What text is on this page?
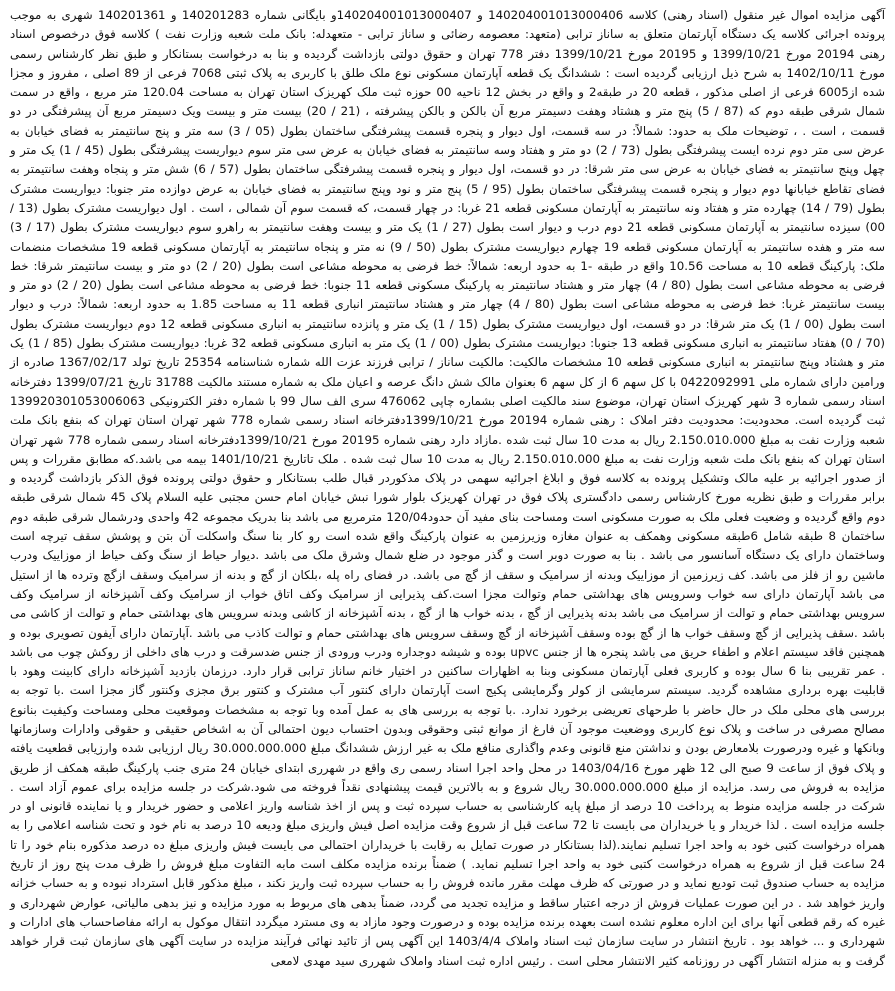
آگهی مزایده اموال غیر منقول (اسناد رهنی) کلاسه 140204001013000406 و 140204001013000407و بایگانی شماره 140201283 و 140201361 شهری به موجب پرونده اجرائی کلاسه یک دستگاه آپارتمان متعلق به ساناز ترابی (متعهد: معصومه رضائی و ساناز ترابی - متعهدله: بانک ملت شعبه وزارت نفت ) کلاسه فوق درخصوص اسناد رهنی 20194 مورخ 1399/10/21 و 20195 مورخ 1399/10/21 دفتر 778 تهران و حقوق دولتی بازداشت گردیده و بنا به درخواست بستانکار و طبق نظر کارشناس رسمی مورخ 1402/10/11 به شرح ذیل ارزیابی گردیده است : ششدانگ یک قطعه آپارتمان مسکونی نوع ملک طلق با کاربری به پلاک ثبتی 7068 فرعی از 89 اصلی ، مفروز و مجزا شده از6005 فرعی از اصلی مذکور ، قطعه 20 در طبقه2 و واقع در بخش 12 ناحیه 00 حوزه ثبت ملک کهریزک استان تهران به مساحت 120.04 متر مربع ، واقع در سمت شمال شرقی طبقه دوم که (87 / 5) پنج متر و هشتاد وهفت دسیمتر مربع آن بالکن و بالکن پیشرفته ، (21 / 20) بیست متر و بیست ویک دسیمتر مربع آن پیشرفتگی در دو قسمت ، است . ، توضیحات ملک به حدود: شمالاً: در سه قسمت، اول دیوار و پنجره قسمت پیشرفتگی ساختمان بطول (05 / 3) سه متر و پنج سانتیمتر به فضای خیابان به عرض سی متر دوم نرده ایست پیشرفتگی بطول (73 / 2) دو متر و هفتاد وسه سانتیمتر به فضای خیابان به عرض سی متر سوم دیواریست پیشرفتگی بطول (45 / 1) یک متر و چهل وپنج سانتیمتر به فضای خیابان به عرض سی متر شرقا: در دو قسمت، اول دیوار و پنجره قسمت پیشرفتگی ساختمان بطول (57 / 6) شش متر و پنجاه وهفت سانتیمتر به فضای تقاطع خیابانها دوم دیوار و پنجره قسمت پیشرفتگی ساختمان بطول (95 / 5) پنج متر و نود وپنج سانتیمتر به فضای خیابان به عرض دوازده متر جنوبا: دیواریست مشترک بطول (79 / 14) چهارده متر و هفتاد ونه سانتیمتر به آپارتمان مسکونی قطعه 21 غربا: در چهار قسمت، که قسمت سوم آن شمالی ، است . اول دیواریست مشترک بطول (13 / 00) سیزده سانتیمتر به آپارتمان مسکونی قطعه 21 دوم درب و دیوار است بطول (27 / 1) یک متر و بیست وهفت سانتیمتر به راهرو سوم دیواریست مشترک بطول (17 / 3) سه متر و هفده سانتیمتر به آپارتمان مسکونی قطعه 19 چهارم دیواریست مشترک بطول (50 / 9) نه متر و پنجاه سانتیمتر به آپارتمان مسکونی قطعه 19 مشخصات منضمات ملک: پارکینگ قطعه 10 به مساحت 10.56 واقع در طبقه -1 به حدود اربعه: شمالاً: خط فرضی به محوطه مشاعی است بطول (20 / 2) دو متر و بیست سانتیمتر شرقا: خط فرضی به محوطه مشاعی است بطول (80 / 4) چهار متر و هشتاد سانتیمتر به پارکینگ مسکونی قطعه 11 جنوبا: خط فرضی به محوطه مشاعی است بطول (20 / 2) دو متر و بیست سانتیمتر غربا: خط فرضی به محوطه مشاعی است بطول (80 / 4) چهار متر و هشتاد سانتیمتر انباری قطعه 11 به مساحت 1.85 به حدود اربعه: شمالاً: درب و دیوار است بطول (00 / 1) یک متر شرقا: در دو قسمت، اول دیواریست مشترک بطول (15 / 1) یک متر و پانزده سانتیمتر به انباری مسکونی قطعه 12 دوم دیواریست مشترک بطول (70 / 0) هفتاد سانتیمتر به انباری مسکونی قطعه 13 جنوبا: دیواریست مشترک بطول (00 / 1) یک متر به انباری مسکونی قطعه 32 غربا: دیواریست مشترک بطول (85 / 1) یک متر و هشتاد وپنج سانتیمتر به انباری مسکونی قطعه 10 مشخصات مالکیت: مالکیت ساناز / ترابی فرزند عزت الله شماره شناسنامه 25354 تاریخ تولد 1367/02/17 صادره از ورامین دارای شماره ملی 0422092991 با کل سهم 6 از کل سهم 6 بعنوان مالک شش دانگ عرصه و اعیان ملک به شماره مستند مالکیت 31788 تاریخ 1399/07/21 دفترخانه اسناد رسمی شماره 3 شهر کهریزک استان تهران، موضوع سند مالکیت اصلی بشماره چاپی 476062 سری الف سال 99 با شماره دفتر الکترونیکی 139920301053006063 ثبت گردیده است. محدودیت: محدودیت دفتر املاک : رهنی شماره 20194 مورخ 1399/10/21دفترخانه اسناد رسمی شماره 778 شهر تهران استان تهران که بنفع بانک ملت شعبه وزارت نفت به مبلغ 2.150.010.000 ریال به مدت 10 سال ثبت شده .مازاد دارد رهنی شماره 20195 مورخ 1399/10/21دفترخانه اسناد رسمی شماره 778 شهر تهران استان تهران که بنفع بانک ملت شعبه وزارت نفت به مبلغ 2.150.010.000 ریال به مدت 10 سال ثبت شده . ملک تاتاریخ 1401/10/21 بیمه می باشد.که مطابق مقررات و پس از صدور اجرائیه بر علیه مالک وتشکیل پرونده به کلاسه فوق و ابلاغ اجرائیه سهمی در پلاک مذکوردر قبال طلب بستانکار و حقوق دولتی پرونده فوق الذکر بازداشت گردیده و برابر مقررات و طبق نظریه مورخ کارشناس رسمی دادگستری پلاک فوق در تهران کهریزک بلوار شورا نبش خیابان امام حسن مجتبی علیه السلام پلاک 45 شمال شرقی طبقه دوم واقع گردیده و وضعیت فعلی ملک به صورت مسکونی است ومساحت بنای مفید آن حدود120/04 مترمربع می باشد بنا بدریک مجموعه 42 واحدی ودرشمال شرقی طبقه دوم ساختمان 8 طبقه شامل 6طبقه مسکونی وهمکف به عنوان مغازه وزیرزمین به عنوان پارکینگ واقع شده است رو کار بنا سنگ واسکلت آن بتن و پوشش سقف تیرچه است وساختمان دارای یک دستگاه آسانسور می باشد . بنا به صورت دوبر است و گذر موجود در ضلع شمال وشرق ملک می باشد .دیوار حیاط از سنگ وکف حیاط از موزاییک ودرب ماشین رو از فلز می باشد. کف زیرزمین از موزاییک وبدنه از سرامیک و سقف از گچ می باشد. در فضای راه پله ،بلکان از گچ و بدنه از سرامیک وسقف ازگچ وترده ها از استیل می باشد آپارتمان دارای سه خواب وسرویس های بهداشتی حمام وتوالت مجزا است.کف پذیرایی از سرامیک وکف اتاق خواب از سرامیک وکف آشپزخانه از سرامیک وکف سرویس بهداشتی حمام و توالت از سرامیک می باشد بدنه پذیرایی از گچ ، بدنه خواب ها از گچ ، بدنه آشپزخانه از کاشی وبدنه سرویس های بهداشتی حمام و توالت از کاشی می باشد .سقف پذیرایی از گچ وسقف خواب ها از گچ بوده وسقف آشپزخانه از گچ وسقف سرویس های بهداشتی حمام و توالت کاذب می باشد .آپارتمان دارای آیفون تصویری بوده و همچنین فاقد سیستم اعلام و اطفاء حریق می باشد پنجره ها از جنس upvc بوده و شیشه دوجداره ودرب ورودی از جنس ضدسرقت و درب های داخلی از روکش چوب می باشد . عمر تقریبی بنا 6 سال بوده و کاربری فعلی آپارتمان مسکونی وبنا به اظهارات ساکنین در اختیار خانم ساناز ترابی قرار دارد. درزمان بازدید آشپزخانه دارای کابینت وهود با قابلیت بهره برداری مشاهده گردید. سیستم سرمایشی از کولر وگرمایشی پکیج است آپارتمان دارای کنتور آب مشترک و کنتور برق مجزی وکنتور گاز مجزا است .با توجه به بررسی های محلی ملک در حال حاضر با طرحهای تعریضی برخورد ندارد. .با توجه به بررسی های به عمل آمده وبا توجه به مشخصات وموقعیت محلی ومساحت وکیفیت بنانوع مصالح مصرفی در ساخت و پلاک نوع کاربری ووضعیت موجود آن فارغ از موانع ثبتی وحقوقی وبدون احتساب دیون احتمالی آن به اشخاص حقیقی و حقوقی وادارات وسازمانها وبانکها و غیره ودرصورت بلامعارض بودن و نداشتن منع قانونی وعدم واگذاری منافع ملک به غیر ارزش ششدانگ مبلغ 30.000.000.000 ریال ارزیابی شده وارزیابی قطعیت یافته و پلاک فوق از ساعت 9 صبح الی 12 ظهر مورخ 1403/04/16 در محل واحد اجرا اسناد رسمی ری واقع در شهرری ابتدای خیابان 24 متری جنب پارکینگ طبقه همکف از طریق مزایده به فروش می رسد. مزایده از مبلغ 30.000.000.000 ریال شروع و به بالاترین قیمت پیشنهادی نقداً فروخته می شود.شرکت در جلسه مزایده برای عموم آزاد است . شرکت در جلسه مزایده منوط به پرداخت 10 درصد از مبلغ پایه کارشناسی به حساب سپرده ثبت و پس از اخذ شناسه واریز اعلامی و حضور خریدار و یا نماینده قانونی او در جلسه مزایده است . لذا خریدار و یا خریداران می بایست تا 72 ساعت قبل از شروع وقت مزایده اصل فیش واریزی مبلغ ودیعه 10 درصد به نام خود و تحت شناسه اعلامی را به همراه درخواست کتبی خود به واحد اجرا تسلیم نمایند.(لذا بستانکار در صورت تمایل به رقابت با خریداران احتمالی می بایست فیش واریزی مبلغ ده درصد مذکوره بنام خود را تا 24 ساعت قبل از شروع به همراه درخواست کتبی خود به واحد اجرا تسلیم نماید. ) ضمناً برنده مزایده مکلف است مابه التفاوت مبلغ فروش را ظرف مدت پنج روز از تاریخ مزایده به حساب صندوق ثبت تودیع نماید و در صورتی که ظرف مهلت مقرر مانده فروش را به حساب سپرده ثبت واریز نکند ، مبلغ مذکور قابل استرداد نبوده و به حساب خزانه واریز خواهد شد . در این صورت عملیات فروش از درجه اعتبار ساقط و مزایده تجدید می گردد، ضمناً بدهی های مربوط به مورد مزایده و نیز بدهی مالیاتی، عوارض شهرداری و غیره که رقم قطعی آنها برای این اداره معلوم نشده است بعهده برنده مزایده بوده و درصورت وجود مازاد به وی مسترد میگردد انتقال موکول به ارائه مفاصاحساب های ادارات و شهرداری و ... خواهد بود . تاریخ انتشار در سایت سازمان ثبت اسناد واملاک 1403/4/4 این آگهی پس از تائید نهائی فرآیند مزایده در سایت آگهی های سازمان ثبت قرار خواهد گرفت و به منزله انتشار آگهی در روزنامه کثیر الانتشار محلی است . رئیس اداره ثبت اسناد واملاک شهرری سید مهدی لامعی
